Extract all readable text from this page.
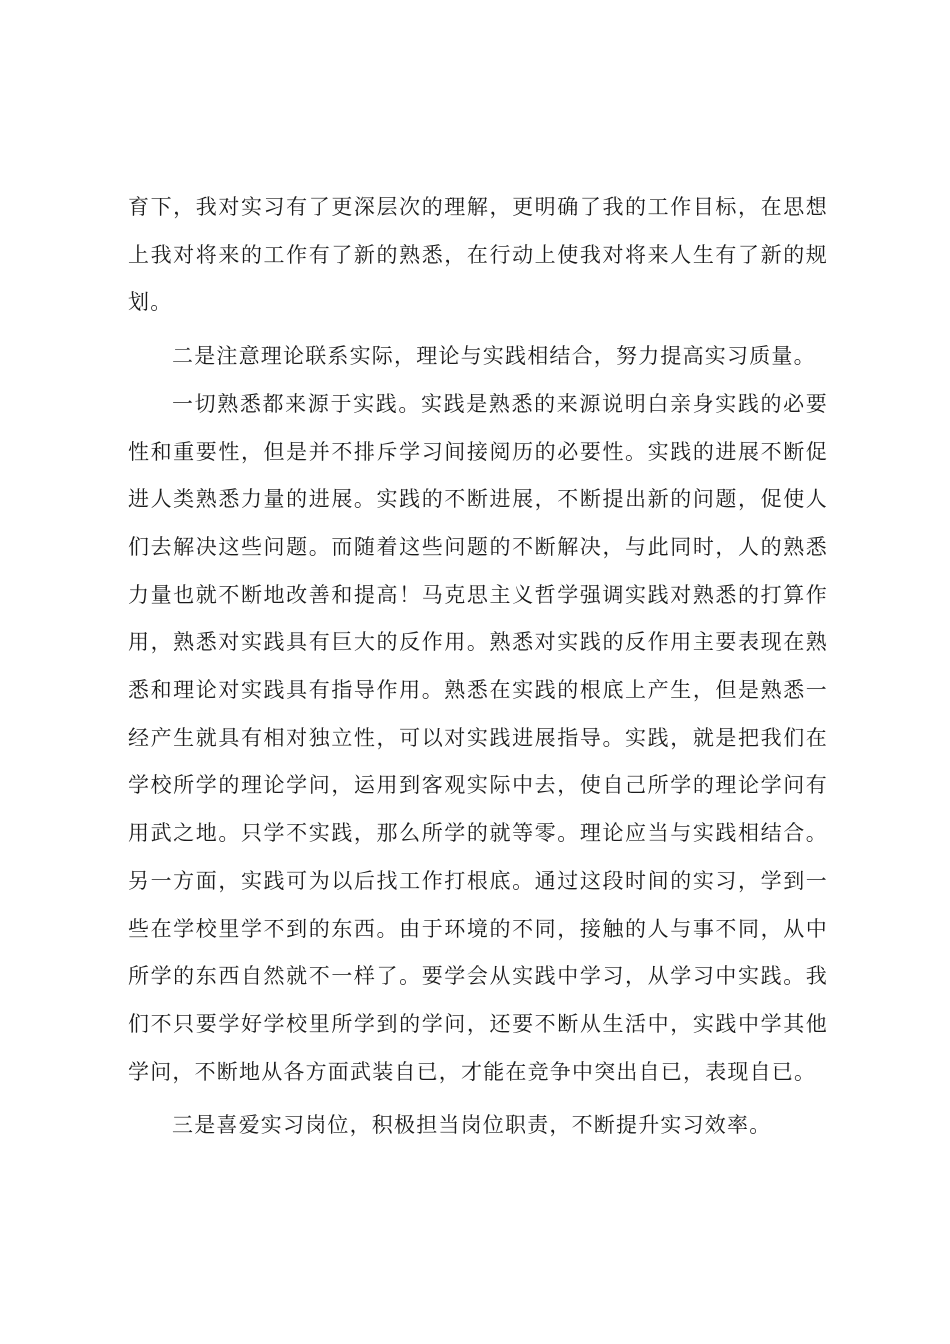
育下，我对实习有了更深层次的理解，更明确了我的工作目标，在思想上我对将来的工作有了新的熟悉，在行动上使我对将来人生有了新的规划。

二是注意理论联系实际，理论与实践相结合，努力提高实习质量。

一切熟悉都来源于实践。实践是熟悉的来源说明白亲身实践的必要性和重要性，但是并不排斥学习间接阅历的必要性。实践的进展不断促进人类熟悉力量的进展。实践的不断进展，不断提出新的问题，促使人们去解决这些问题。而随着这些问题的不断解决，与此同时，人的熟悉力量也就不断地改善和提高！马克思主义哲学强调实践对熟悉的打算作用，熟悉对实践具有巨大的反作用。熟悉对实践的反作用主要表现在熟悉和理论对实践具有指导作用。熟悉在实践的根底上产生，但是熟悉一经产生就具有相对独立性，可以对实践进展指导。实践，就是把我们在学校所学的理论学问，运用到客观实际中去，使自己所学的理论学问有用武之地。只学不实践，那么所学的就等零。理论应当与实践相结合。另一方面，实践可为以后找工作打根底。通过这段时间的实习，学到一些在学校里学不到的东西。由于环境的不同，接触的人与事不同，从中所学的东西自然就不一样了。要学会从实践中学习，从学习中实践。我们不只要学好学校里所学到的学问，还要不断从生活中，实践中学其他学问，不断地从各方面武装自已，才能在竞争中突出自已，表现自已。

三是喜爱实习岗位，积极担当岗位职责，不断提升实习效率。
